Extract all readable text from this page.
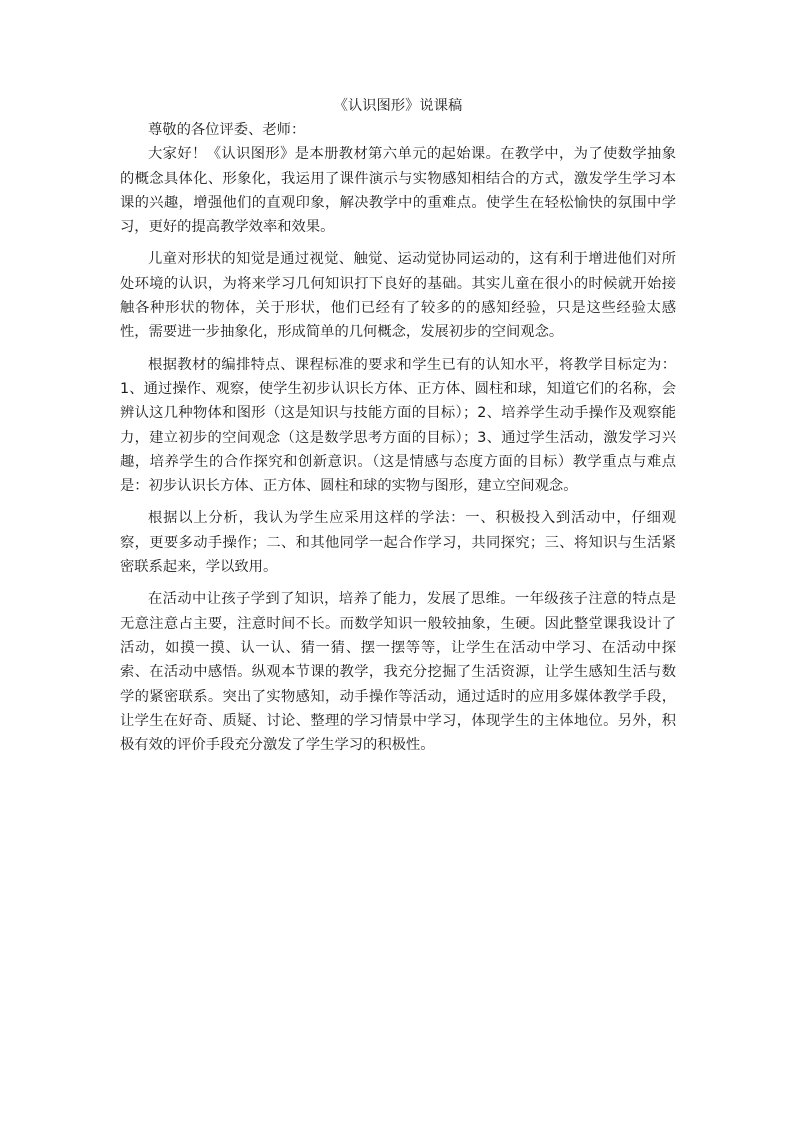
《认识图形》说课稿

尊敬的各位评委、老师：

大家好！《认识图形》是本册教材第六单元的起始课。在教学中，为了使数学抽象的概念具体化、形象化，我运用了课件演示与实物感知相结合的方式，激发学生学习本课的兴趣，增强他们的直观印象，解决教学中的重难点。使学生在轻松愉快的氛围中学习，更好的提高教学效率和效果。

儿童对形状的知觉是通过视觉、触觉、运动觉协同运动的，这有利于增进他们对所处环境的认识，为将来学习几何知识打下良好的基础。其实儿童在很小的时候就开始接触各种形状的物体，关于形状，他们已经有了较多的的感知经验，只是这些经验太感性，需要进一步抽象化，形成简单的几何概念，发展初步的空间观念。

根据教材的编排特点、课程标准的要求和学生已有的认知水平，将教学目标定为：1、通过操作、观察，使学生初步认识长方体、正方体、圆柱和球，知道它们的名称，会辨认这几种物体和图形（这是知识与技能方面的目标）；2、培养学生动手操作及观察能力，建立初步的空间观念（这是数学思考方面的目标）；3、通过学生活动，激发学习兴趣，培养学生的合作探究和创新意识。（这是情感与态度方面的目标）教学重点与难点是：初步认识长方体、正方体、圆柱和球的实物与图形，建立空间观念。

根据以上分析，我认为学生应采用这样的学法：一、积极投入到活动中，仔细观察，更要多动手操作；二、和其他同学一起合作学习，共同探究；三、将知识与生活紧密联系起来，学以致用。

在活动中让孩子学到了知识，培养了能力，发展了思维。一年级孩子注意的特点是无意注意占主要，注意时间不长。而数学知识一般较抽象，生硬。因此整堂课我设计了活动，如摸一摸、认一认、猜一猜、摆一摆等等，让学生在活动中学习、在活动中探索、在活动中感悟。纵观本节课的教学，我充分挖掘了生活资源，让学生感知生活与数学的紧密联系。突出了实物感知，动手操作等活动，通过适时的应用多媒体教学手段，让学生在好奇、质疑、讨论、整理的学习情景中学习，体现学生的主体地位。另外，积极有效的评价手段充分激发了学生学习的积极性。
